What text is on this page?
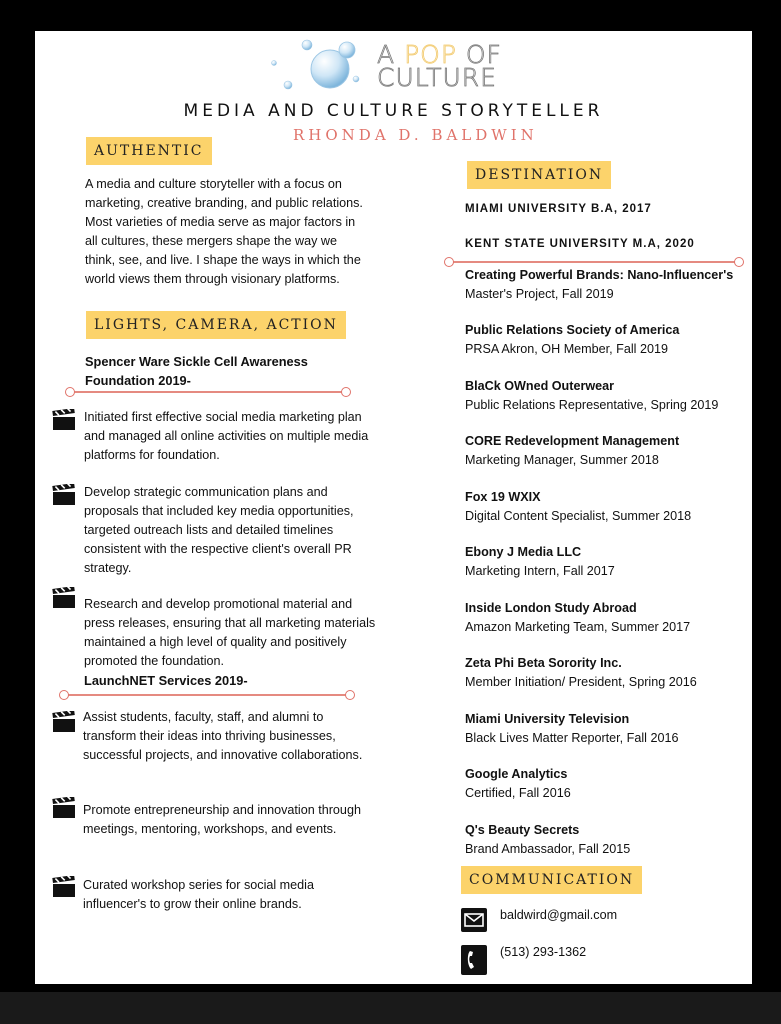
A POP OF
CULTURE
MEDIA AND CULTURE STORYTELLER
RHONDA D. BALDWIN
AUTHENTIC
A media and culture storyteller with a focus on marketing, creative branding, and public relations. Most varieties of media serve as major factors in all cultures, these mergers shape the way we think, see, and live. I shape the ways in which the world views them through visionary platforms.
LIGHTS, CAMERA, ACTION
Spencer Ware Sickle Cell Awareness Foundation 2019-
Initiated first effective social media marketing plan and managed all online activities on multiple media platforms for foundation.
Develop strategic communication plans and proposals that included key media opportunities, targeted outreach lists and detailed timelines consistent with the respective client's overall PR strategy.
Research and develop promotional material and press releases, ensuring that all marketing materials maintained a high level of quality and positively promoted the foundation.
LaunchNET Services 2019-
Assist students, faculty, staff, and alumni to transform their ideas into thriving businesses, successful projects, and innovative collaborations.
Promote entrepreneurship and innovation through meetings, mentoring, workshops, and events.
Curated workshop series for social media influencer's to grow their online brands.
DESTINATION
MIAMI UNIVERSITY B.A, 2017
KENT STATE UNIVERSITY M.A, 2020
Creating Powerful Brands: Nano-Influencer's
Master's Project, Fall 2019
Public Relations Society of America
PRSA Akron, OH Member, Fall 2019
BlaCk OWned Outerwear
Public Relations Representative, Spring 2019
CORE Redevelopment Management
Marketing Manager, Summer 2018
Fox 19 WXIX
Digital Content Specialist, Summer 2018
Ebony J Media LLC
Marketing Intern, Fall 2017
Inside London Study Abroad
Amazon Marketing Team, Summer 2017
Zeta Phi Beta Sorority Inc.
Member Initiation/ President, Spring 2016
Miami University Television
Black Lives Matter Reporter, Fall 2016
Google Analytics
Certified, Fall 2016
Q's Beauty Secrets
Brand Ambassador, Fall 2015
COMMUNICATION
baldwird@gmail.com
(513) 293-1362
